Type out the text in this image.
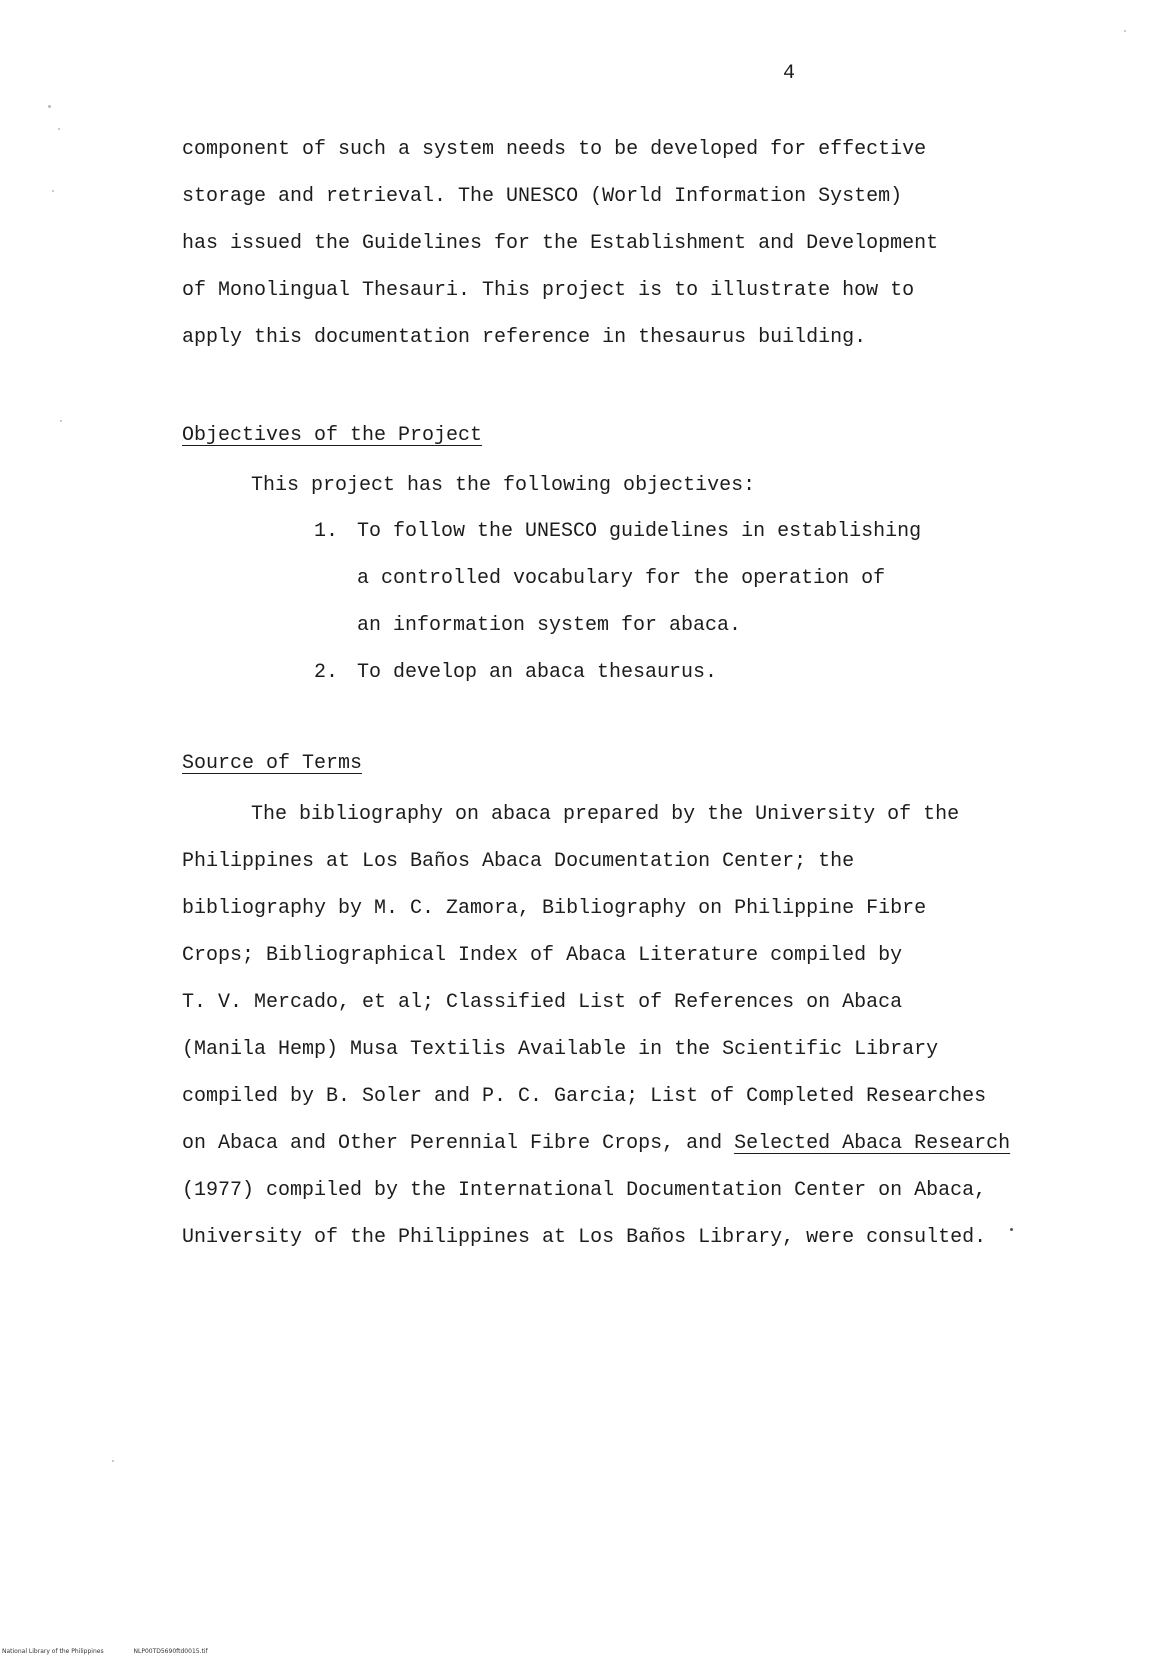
4
component of such a system needs to be developed for effective
storage and retrieval. The UNESCO (World Information System)
has issued the Guidelines for the Establishment and Development
of Monolingual Thesauri. This project is to illustrate how to
apply this documentation reference in thesaurus building.
Objectives of the Project
This project has the following objectives:
1. To follow the UNESCO guidelines in establishing
a controlled vocabulary for the operation of
an information system for abaca.
2. To develop an abaca thesaurus.
Source of Terms
The bibliography on abaca prepared by the University of the
Philippines at Los Baños Abaca Documentation Center; the
bibliography by M. C. Zamora, Bibliography on Philippine Fibre
Crops; Bibliographical Index of Abaca Literature compiled by
T. V. Mercado, et al; Classified List of References on Abaca
(Manila Hemp) Musa Textilis Available in the Scientific Library
compiled by B. Soler and P. C. Garcia; List of Completed Researches
on Abaca and Other Perennial Fibre Crops, and Selected Abaca Research
(1977) compiled by the International Documentation Center on Abaca,
University of the Philippines at Los Baños Library, were consulted.
National Library of the Philippines	NLP00TD5690ftd0015.tif
